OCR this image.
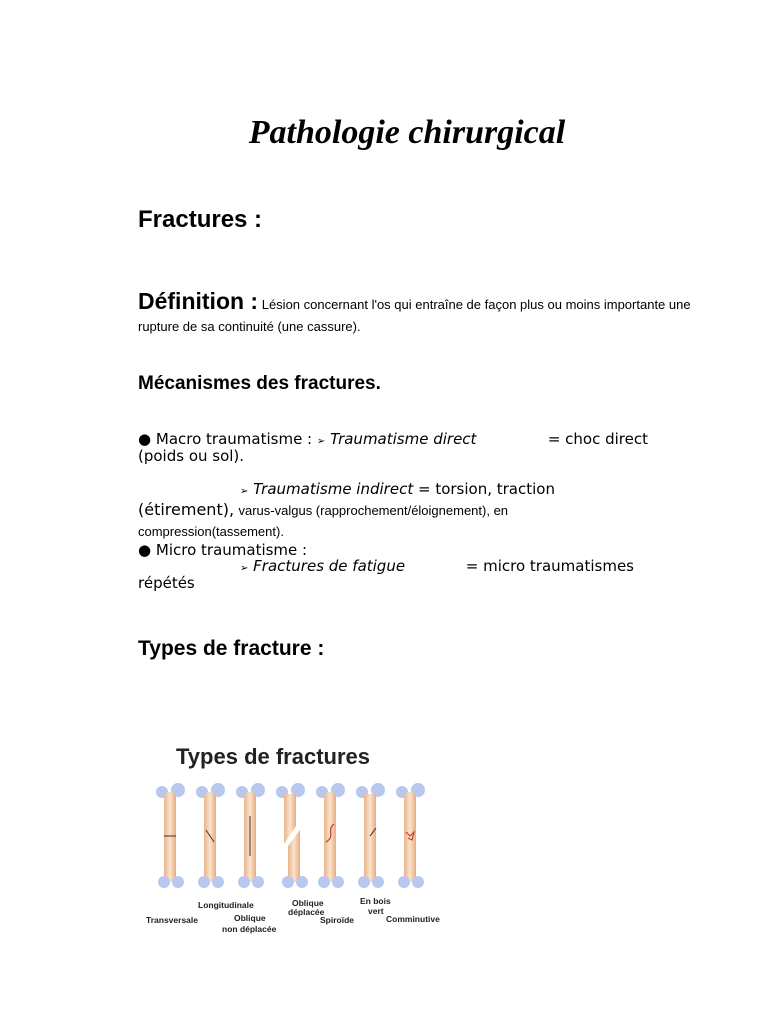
Pathologie chirurgical
Fractures :
Définition : Lésion concernant l'os qui entraîne de façon plus ou moins importante une rupture de sa continuité (une cassure).
Mécanismes des fractures.
● Macro traumatisme : ➢ Traumatisme direct	= choc direct
(poids ou sol).
➢ Traumatisme indirect = torsion, traction
(étirement), varus-valgus (rapprochement/éloignement), en
compression(tassement).
● Micro traumatisme :
➢ Fractures de fatigue	= micro traumatismes
répétés
Types de fracture :
Types de fractures
Transversale
Longitudinale
Oblique
non déplacée
Oblique
déplacée
Spiroïde
En bois
vert
Comminutive
